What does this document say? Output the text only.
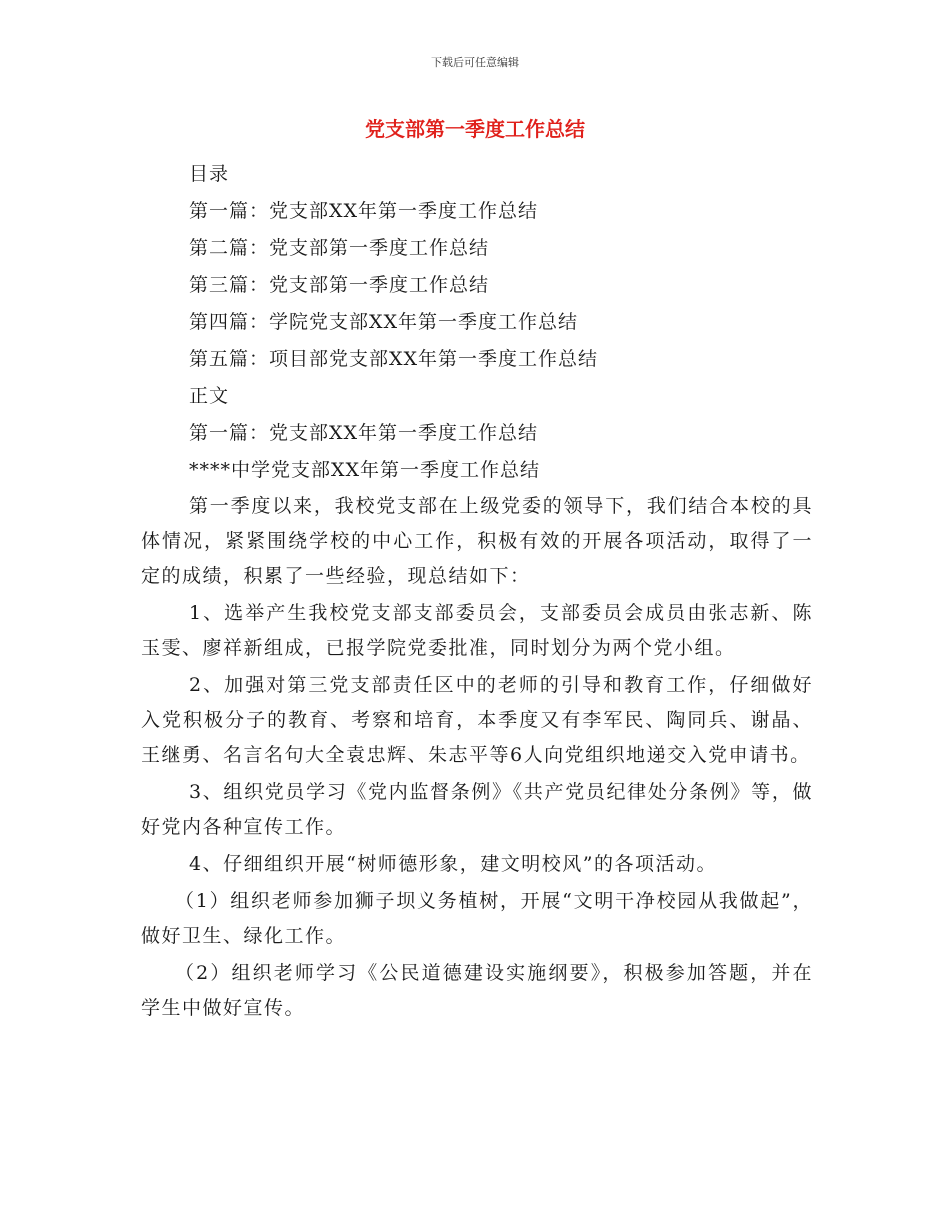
下载后可任意编辑
党支部第一季度工作总结
目录
第一篇：党支部XX年第一季度工作总结
第二篇：党支部第一季度工作总结
第三篇：党支部第一季度工作总结
第四篇：学院党支部XX年第一季度工作总结
第五篇：项目部党支部XX年第一季度工作总结
正文
第一篇：党支部XX年第一季度工作总结
****中学党支部XX年第一季度工作总结

第一季度以来，我校党支部在上级党委的领导下，我们结合本校的具体情况，紧紧围绕学校的中心工作，积极有效的开展各项活动，取得了一定的成绩，积累了一些经验，现总结如下：

1、选举产生我校党支部支部委员会，支部委员会成员由张志新、陈玉雯、廖祥新组成，已报学院党委批准，同时划分为两个党小组。

2、加强对第三党支部责任区中的老师的引导和教育工作，仔细做好入党积极分子的教育、考察和培育，本季度又有李军民、陶同兵、谢晶、王继勇、名言名句大全袁忠辉、朱志平等6人向党组织地递交入党申请书。

3、组织党员学习《党内监督条例》《共产党员纪律处分条例》等，做好党内各种宣传工作。

4、仔细组织开展“树师德形象，建文明校风”的各项活动。

（1）组织老师参加狮子坝义务植树，开展“文明干净校园从我做起”，做好卫生、绿化工作。

（2）组织老师学习《公民道德建设实施纲要》，积极参加答题，并在学生中做好宣传。
